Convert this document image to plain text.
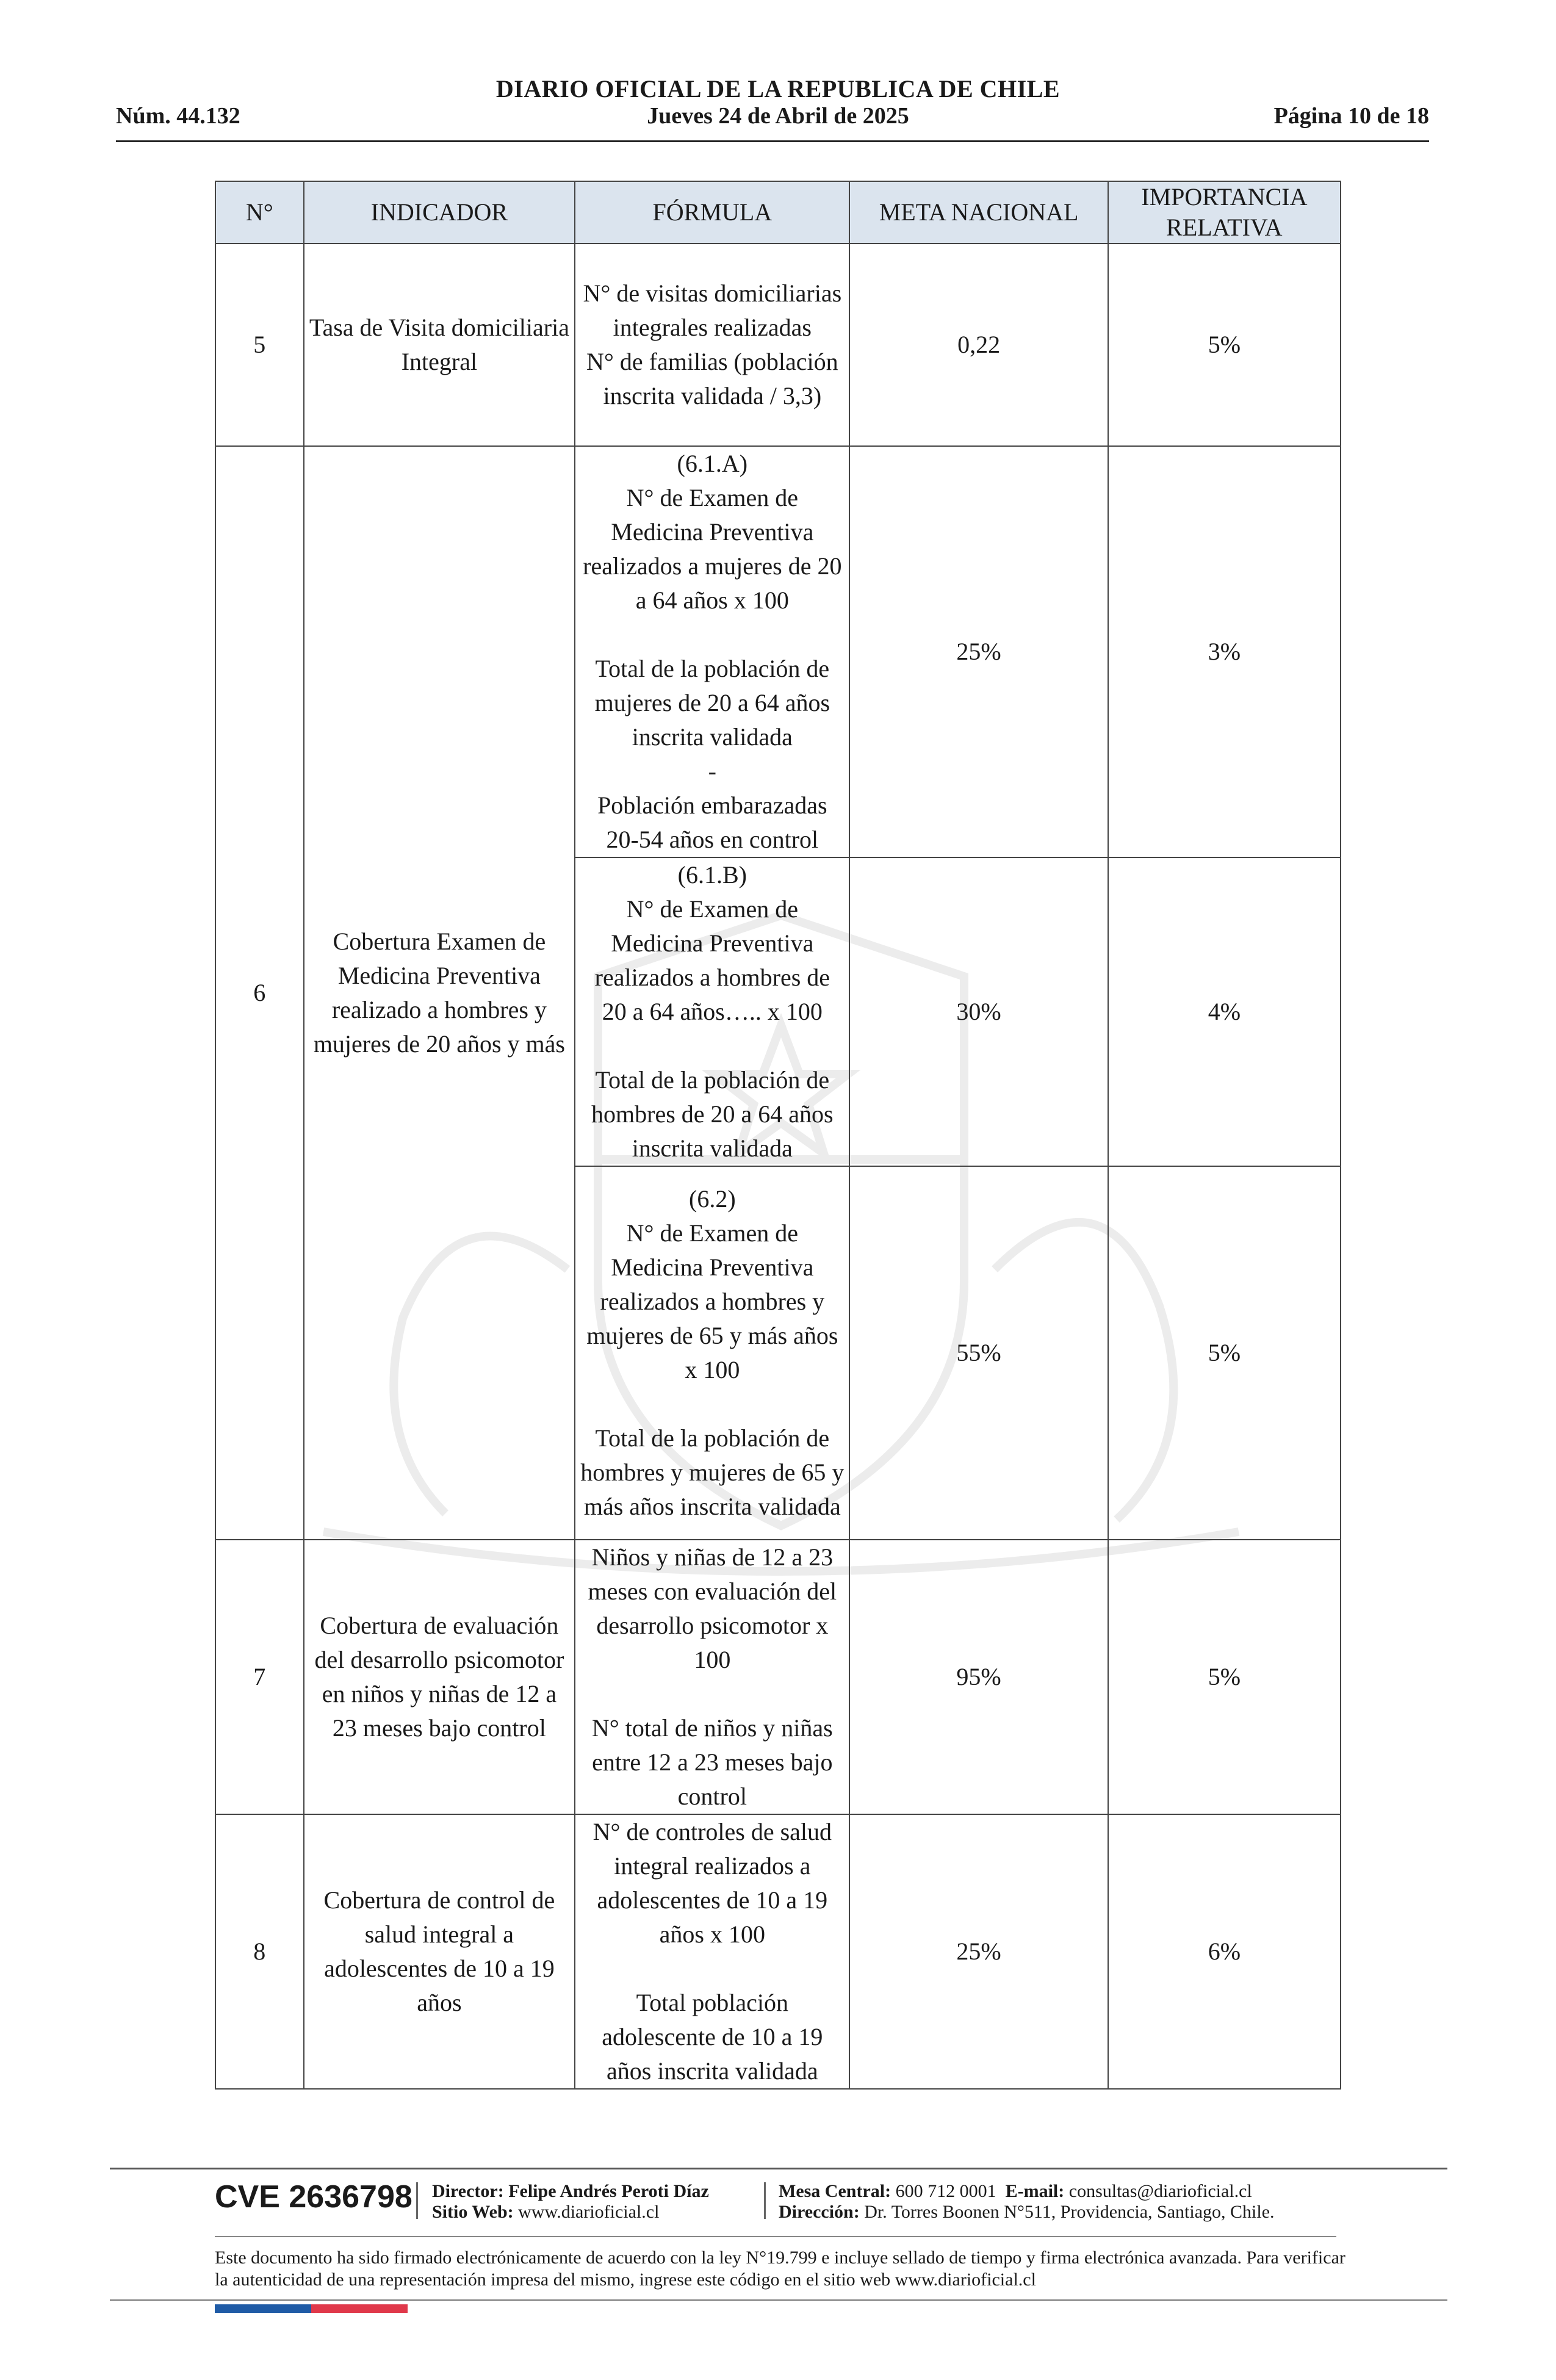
DIARIO OFICIAL DE LA REPUBLICA DE CHILE
Núm. 44.132	Jueves 24 de Abril de 2025	Página 10 de 18
N°	INDICADOR	FÓRMULA	META NACIONAL	IMPORTANCIA RELATIVA
5	Tasa de Visita domiciliaria Integral	N° de visitas domiciliarias integrales realizadas
N° de familias (población inscrita validada / 3,3)	0,22	5%
6	Cobertura Examen de Medicina Preventiva realizado a hombres y mujeres de 20 años y más	(6.1.A)
N° de Examen de Medicina Preventiva realizados a mujeres de 20 a 64 años x 100
Total de la población de mujeres de 20 a 64 años inscrita validada
-
Población embarazadas 20-54 años en control	25%	3%

		(6.1.B)
N° de Examen de Medicina Preventiva realizados a hombres de 20 a 64 años….. x 100
Total de la población de hombres de 20 a 64 años inscrita validada	30%	4%

		(6.2)
N° de Examen de Medicina Preventiva realizados a hombres y mujeres de 65 y más años x 100
Total de la población de hombres y mujeres de 65 y más años inscrita validada	55%	5%
7	Cobertura de evaluación del desarrollo psicomotor en niños y niñas de 12 a 23 meses bajo control	Niños y niñas de 12 a 23 meses con evaluación del desarrollo psicomotor x 100
N° total de niños y niñas entre 12 a 23 meses bajo control	95%	5%
8	Cobertura de control de salud integral a adolescentes de 10 a 19 años	N° de controles de salud integral realizados a adolescentes de 10 a 19 años x 100
Total población adolescente de 10 a 19 años inscrita validada	25%	6%
CVE 2636798 Director: Felipe Andrés Peroti Díaz
Sitio Web: www.diarioficial.cl
Mesa Central: 600 712 0001 E-mail: consultas@diarioficial.cl
Dirección: Dr. Torres Boonen N°511, Providencia, Santiago, Chile.
Este documento ha sido firmado electrónicamente de acuerdo con la ley N°19.799 e incluye sellado de tiempo y firma electrónica avanzada. Para verificar la autenticidad de una representación impresa del mismo, ingrese este código en el sitio web www.diarioficial.cl
